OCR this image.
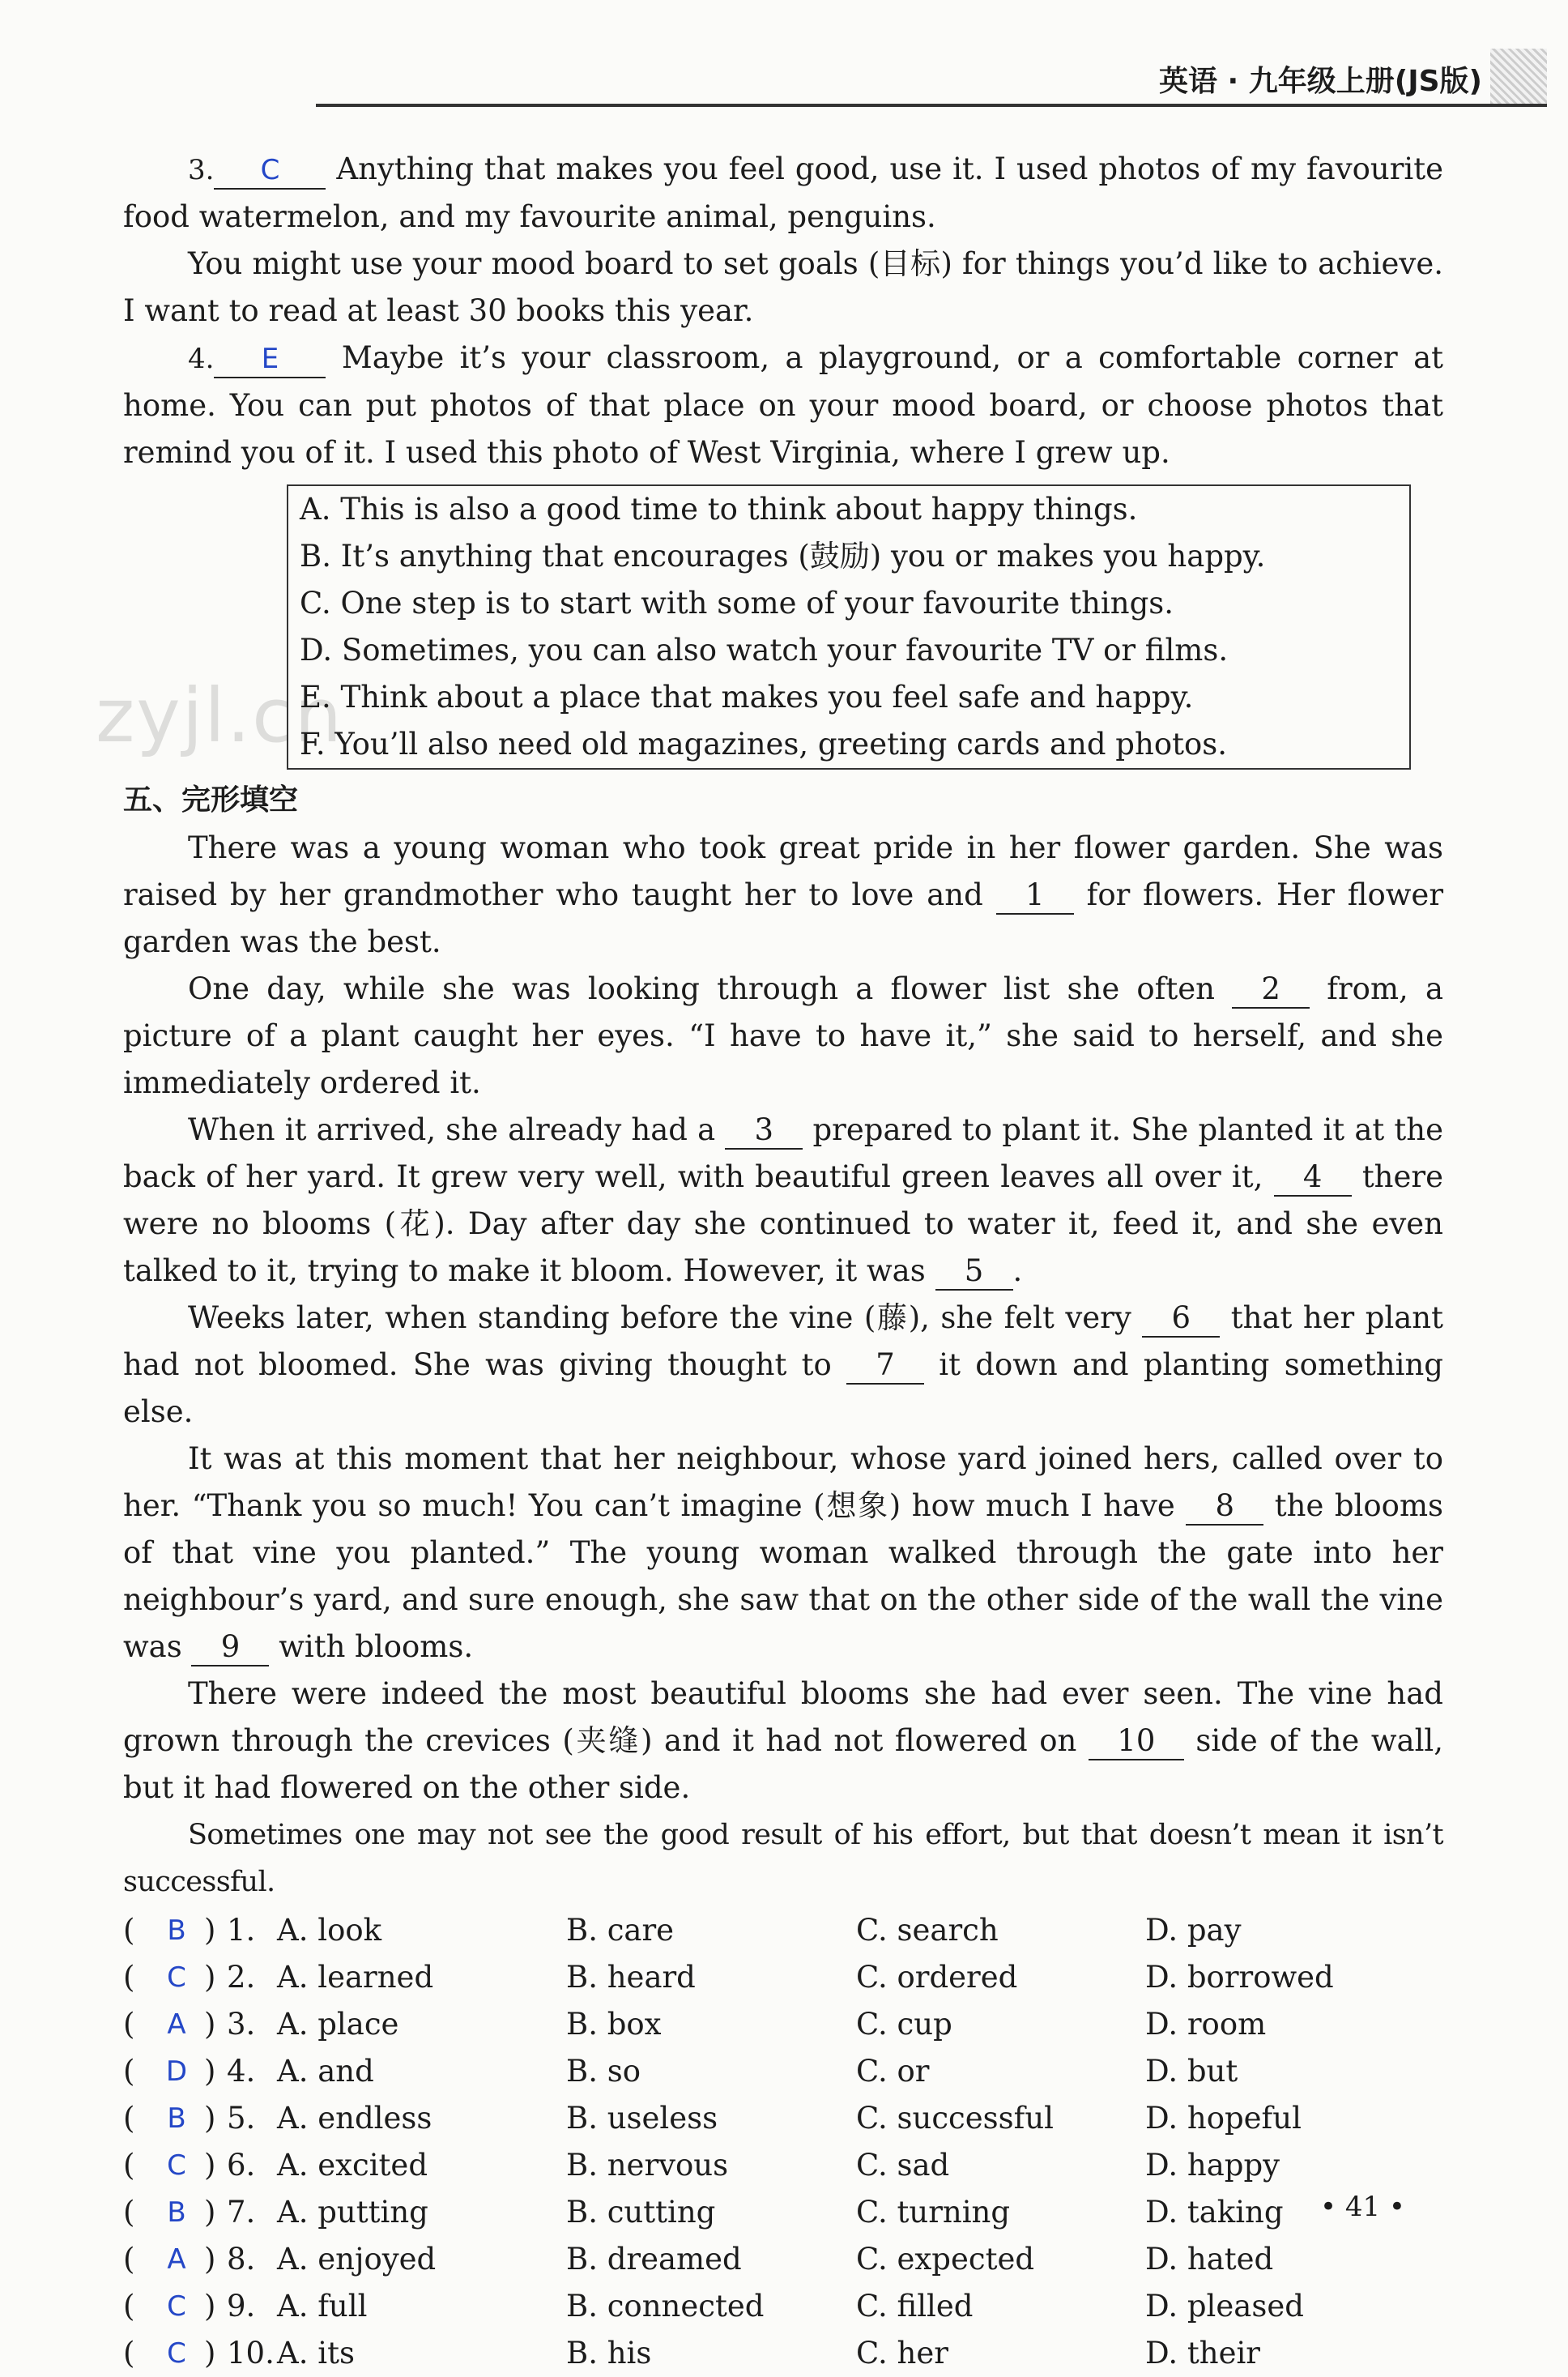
英语 · 九年级上册(JS版)
zyjl.cn

3. C Anything that makes you feel good, use it. I used photos of my favourite food watermelon, and my favourite animal, penguins.

You might use your mood board to set goals (目标) for things you’d like to achieve. I want to read at least 30 books this year.

4. E Maybe it’s your classroom, a playground, or a comfortable corner at home. You can put photos of that place on your mood board, or choose photos that remind you of it. I used this photo of West Virginia, where I grew up.

A. This is also a good time to think about happy things.
B. It’s anything that encourages (鼓励) you or makes you happy.
C. One step is to start with some of your favourite things.
D. Sometimes, you can also watch your favourite TV or films.
E. Think about a place that makes you feel safe and happy.
F. You’ll also need old magazines, greeting cards and photos.
五、完形填空

There was a young woman who took great pride in her flower garden. She was raised by her grandmother who taught her to love and 1 for flowers. Her flower garden was the best.

One day, while she was looking through a flower list she often 2 from, a picture of a plant caught her eyes. “I have to have it,” she said to herself, and she immediately ordered it.

When it arrived, she already had a 3 prepared to plant it. She planted it at the back of her yard. It grew very well, with beautiful green leaves all over it, 4 there were no blooms (花). Day after day she continued to water it, feed it, and she even talked to it, trying to make it bloom. However, it was 5 .

Weeks later, when standing before the vine (藤), she felt very 6 that her plant had not bloomed. She was giving thought to 7 it down and planting something else.

It was at this moment that her neighbour, whose yard joined hers, called over to her. “Thank you so much! You can’t imagine (想象) how much I have 8 the blooms of that vine you planted.” The young woman walked through the gate into her neighbour’s yard, and sure enough, she saw that on the other side of the wall the vine was 9 with blooms.

There were indeed the most beautiful blooms she had ever seen. The vine had grown through the crevices (夹缝) and it had not flowered on 10 side of the wall, but it had flowered on the other side.

Sometimes one may not see the good result of his effort, but that doesn’t mean it isn’t successful.

(	B ) 1. A. look	B. care	C. search	D. pay
( C ) 2. A. learned	B. heard	C. ordered	D. borrowed
(	A ) 3. A. place	B. box	C. cup	D. room
( D ) 4. A. and	B. so	C. or	D. but
(	B ) 5. A. endless	B. useless	C. successful	D. hopeful
( C ) 6. A. excited	B. nervous	C. sad	D. happy
(	B ) 7. A. putting	B. cutting	C. turning	D. taking
(	A ) 8. A. enjoyed	B. dreamed	C. expected	D. hated
( C ) 9. A. full	B. connected	C. filled	D. pleased
( C ) 10. A. its	B. his	C. her	D. their
• 41 •
